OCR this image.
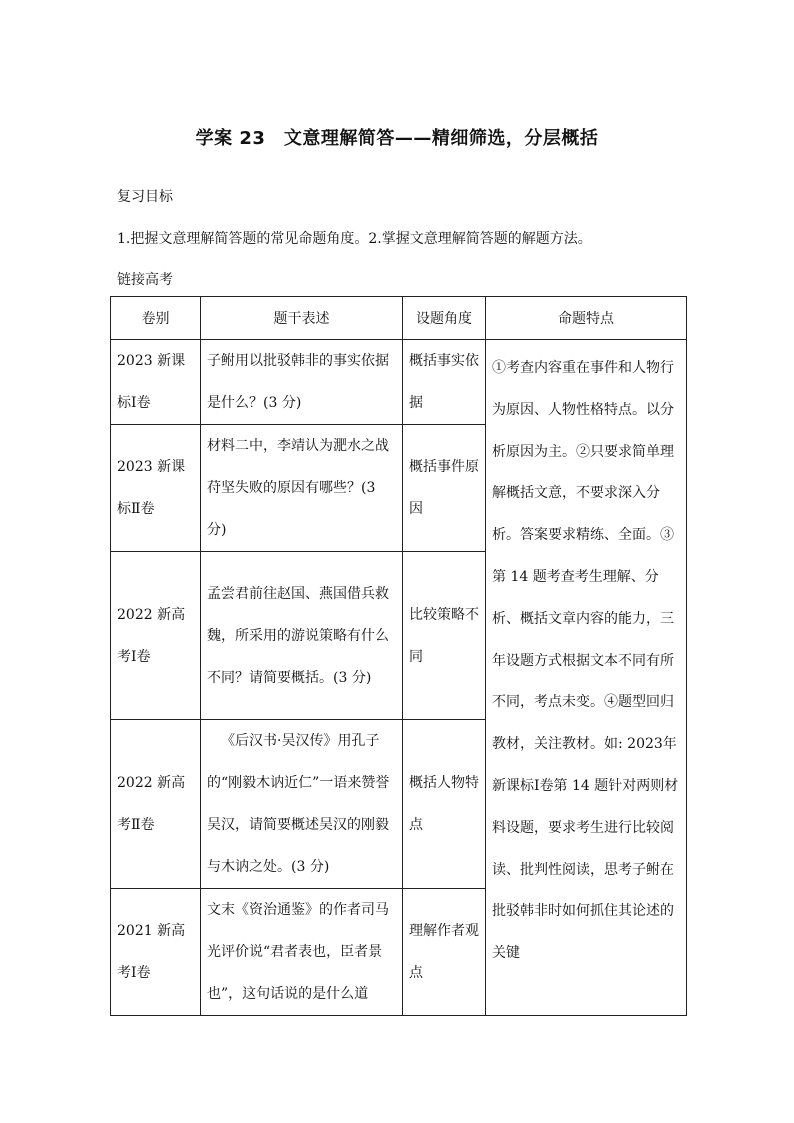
学案 23　文意理解简答——精细筛选，分层概括
复习目标
1.把握文意理解简答题的常见命题角度。2.掌握文意理解简答题的解题方法。
链接高考
卷别	题干表述	设题角度	命题特点
2023 新课标Ⅰ卷	子鲋用以批驳韩非的事实依据是什么？(3 分)	概括事实依据	①考查内容重在事件和人物行为原因、人物性格特点。以分析原因为主。②只要求简单理解概括文意，不要求深入分析。答案要求精练、全面。③第 14 题考查考生理解、分析、概括文章内容的能力，三年设题方式根据文本不同有所不同，考点未变。④题型回归教材，关注教材。如: 2023年新课标Ⅰ卷第 14 题针对两则材料设题，要求考生进行比较阅读、批判性阅读，思考子鲋在批驳韩非时如何抓住其论述的关键
2023 新课标Ⅱ卷	材料二中，李靖认为淝水之战苻坚失败的原因有哪些？(3 分)	概括事件原因	
2022 新高考Ⅰ卷	孟尝君前往赵国、燕国借兵救魏，所采用的游说策略有什么不同？请简要概括。(3 分)	比较策略不同	
2022 新高考Ⅱ卷	《后汉书·吴汉传》用孔子的“刚毅木讷近仁”一语来赞誉吴汉，请简要概述吴汉的刚毅与木讷之处。(3 分)	概括人物特点	
2021 新高考Ⅰ卷	文末《资治通鉴》的作者司马光评价说“君者表也，臣者景也”，这句话说的是什么道	理解作者观点	
